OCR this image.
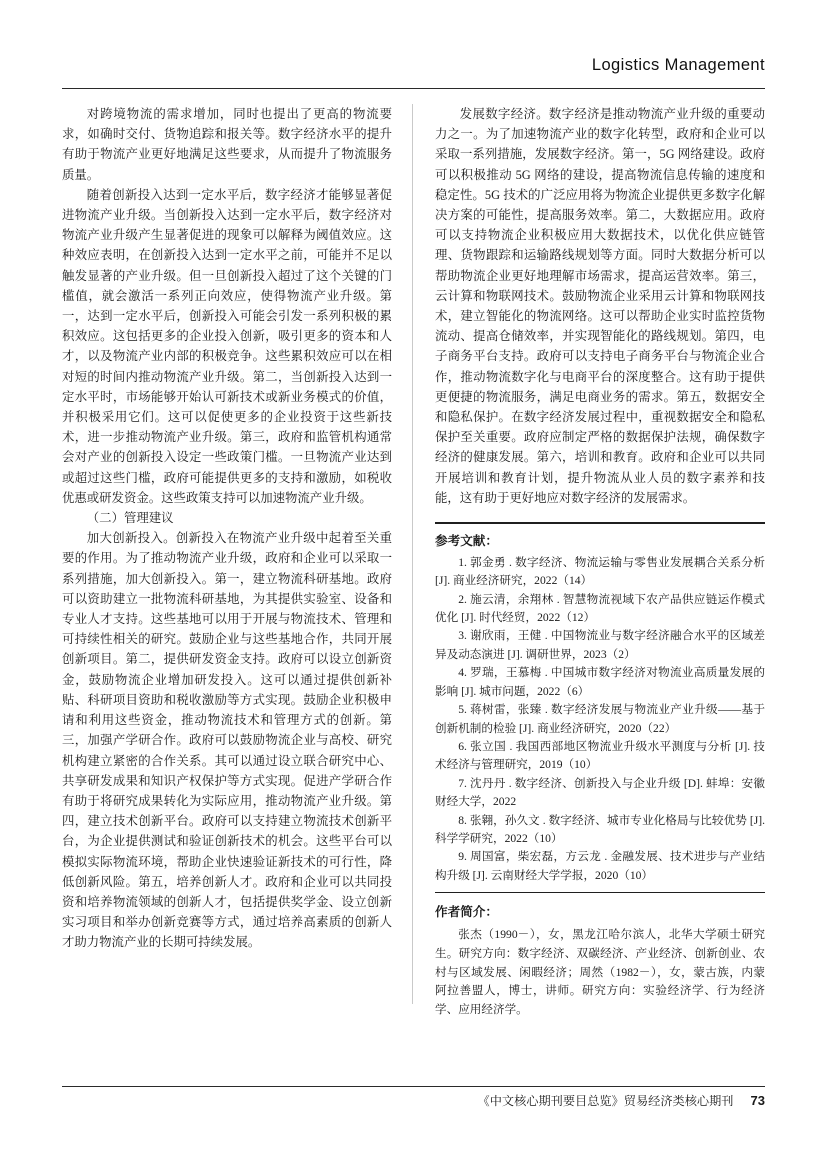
Logistics Management

对跨境物流的需求增加，同时也提出了更高的物流要求，如确时交付、货物追踪和报关等。数字经济水平的提升有助于物流产业更好地满足这些要求，从而提升了物流服务质量。

随着创新投入达到一定水平后，数字经济才能够显著促进物流产业升级。当创新投入达到一定水平后，数字经济对物流产业升级产生显著促进的现象可以解释为阈值效应。这种效应表明，在创新投入达到一定水平之前，可能并不足以触发显著的产业升级。但一旦创新投入超过了这个关键的门槛值，就会激活一系列正向效应，使得物流产业升级。第一，达到一定水平后，创新投入可能会引发一系列积极的累积效应。这包括更多的企业投入创新，吸引更多的资本和人才，以及物流产业内部的积极竞争。这些累积效应可以在相对短的时间内推动物流产业升级。第二，当创新投入达到一定水平时，市场能够开始认可新技术或新业务模式的价值，并积极采用它们。这可以促使更多的企业投资于这些新技术，进一步推动物流产业升级。第三，政府和监管机构通常会对产业的创新投入设定一些政策门槛。一旦物流产业达到或超过这些门槛，政府可能提供更多的支持和激励，如税收优惠或研发资金。这些政策支持可以加速物流产业升级。

（二）管理建议

加大创新投入。创新投入在物流产业升级中起着至关重要的作用。为了推动物流产业升级，政府和企业可以采取一系列措施，加大创新投入。第一，建立物流科研基地。政府可以资助建立一批物流科研基地，为其提供实验室、设备和专业人才支持。这些基地可以用于开展与物流技术、管理和可持续性相关的研究。鼓励企业与这些基地合作，共同开展创新项目。第二，提供研发资金支持。政府可以设立创新资金，鼓励物流企业增加研发投入。这可以通过提供创新补贴、科研项目资助和税收激励等方式实现。鼓励企业积极申请和利用这些资金，推动物流技术和管理方式的创新。第三，加强产学研合作。政府可以鼓励物流企业与高校、研究机构建立紧密的合作关系。其可以通过设立联合研究中心、共享研发成果和知识产权保护等方式实现。促进产学研合作有助于将研究成果转化为实际应用，推动物流产业升级。第四，建立技术创新平台。政府可以支持建立物流技术创新平台，为企业提供测试和验证创新技术的机会。这些平台可以模拟实际物流环境，帮助企业快速验证新技术的可行性，降低创新风险。第五，培养创新人才。政府和企业可以共同投资和培养物流领域的创新人才，包括提供奖学金、设立创新实习项目和举办创新竞赛等方式，通过培养高素质的创新人才助力物流产业的长期可持续发展。

发展数字经济。数字经济是推动物流产业升级的重要动力之一。为了加速物流产业的数字化转型，政府和企业可以采取一系列措施，发展数字经济。第一，5G 网络建设。政府可以积极推动 5G 网络的建设，提高物流信息传输的速度和稳定性。5G 技术的广泛应用将为物流企业提供更多数字化解决方案的可能性，提高服务效率。第二，大数据应用。政府可以支持物流企业积极应用大数据技术，以优化供应链管理、货物跟踪和运输路线规划等方面。同时大数据分析可以帮助物流企业更好地理解市场需求，提高运营效率。第三，云计算和物联网技术。鼓励物流企业采用云计算和物联网技术，建立智能化的物流网络。这可以帮助企业实时监控货物流动、提高仓储效率，并实现智能化的路线规划。第四，电子商务平台支持。政府可以支持电子商务平台与物流企业合作，推动物流数字化与电商平台的深度整合。这有助于提供更便捷的物流服务，满足电商业务的需求。第五，数据安全和隐私保护。在数字经济发展过程中，重视数据安全和隐私保护至关重要。政府应制定严格的数据保护法规，确保数字经济的健康发展。第六，培训和教育。政府和企业可以共同开展培训和教育计划，提升物流从业人员的数字素养和技能，这有助于更好地应对数字经济的发展需求。

参考文献：

1. 郭金勇 . 数字经济、物流运输与零售业发展耦合关系分析 [J]. 商业经济研究，2022（14）

2. 施云清，余翔林 . 智慧物流视域下农产品供应链运作模式优化 [J]. 时代经贸，2022（12）

3. 谢欣雨，王健 . 中国物流业与数字经济融合水平的区域差异及动态演进 [J]. 调研世界，2023（2）

4. 罗瑞，王慕梅 . 中国城市数字经济对物流业高质量发展的影响 [J]. 城市问题，2022（6）

5. 蒋树雷，张臻 . 数字经济发展与物流业产业升级——基于创新机制的检验 [J]. 商业经济研究，2020（22）

6. 张立国 . 我国西部地区物流业升级水平测度与分析 [J]. 技术经济与管理研究，2019（10）

7. 沈丹丹 . 数字经济、创新投入与企业升级 [D]. 蚌埠：安徽财经大学，2022

8. 张翱，孙久文 . 数字经济、城市专业化格局与比较优势 [J]. 科学学研究，2022（10）

9. 周国富，柴宏磊，方云龙 . 金融发展、技术进步与产业结构升级 [J]. 云南财经大学学报，2020（10）

作者简介：

张杰（1990－），女，黑龙江哈尔滨人，北华大学硕士研究生。研究方向：数字经济、双碳经济、产业经济、创新创业、农村与区域发展、闲暇经济；周然（1982－），女，蒙古族，内蒙阿拉善盟人，博士，讲师。研究方向：实验经济学、行为经济学、应用经济学。

《中文核心期刊要目总览》贸易经济类核心期刊 73
